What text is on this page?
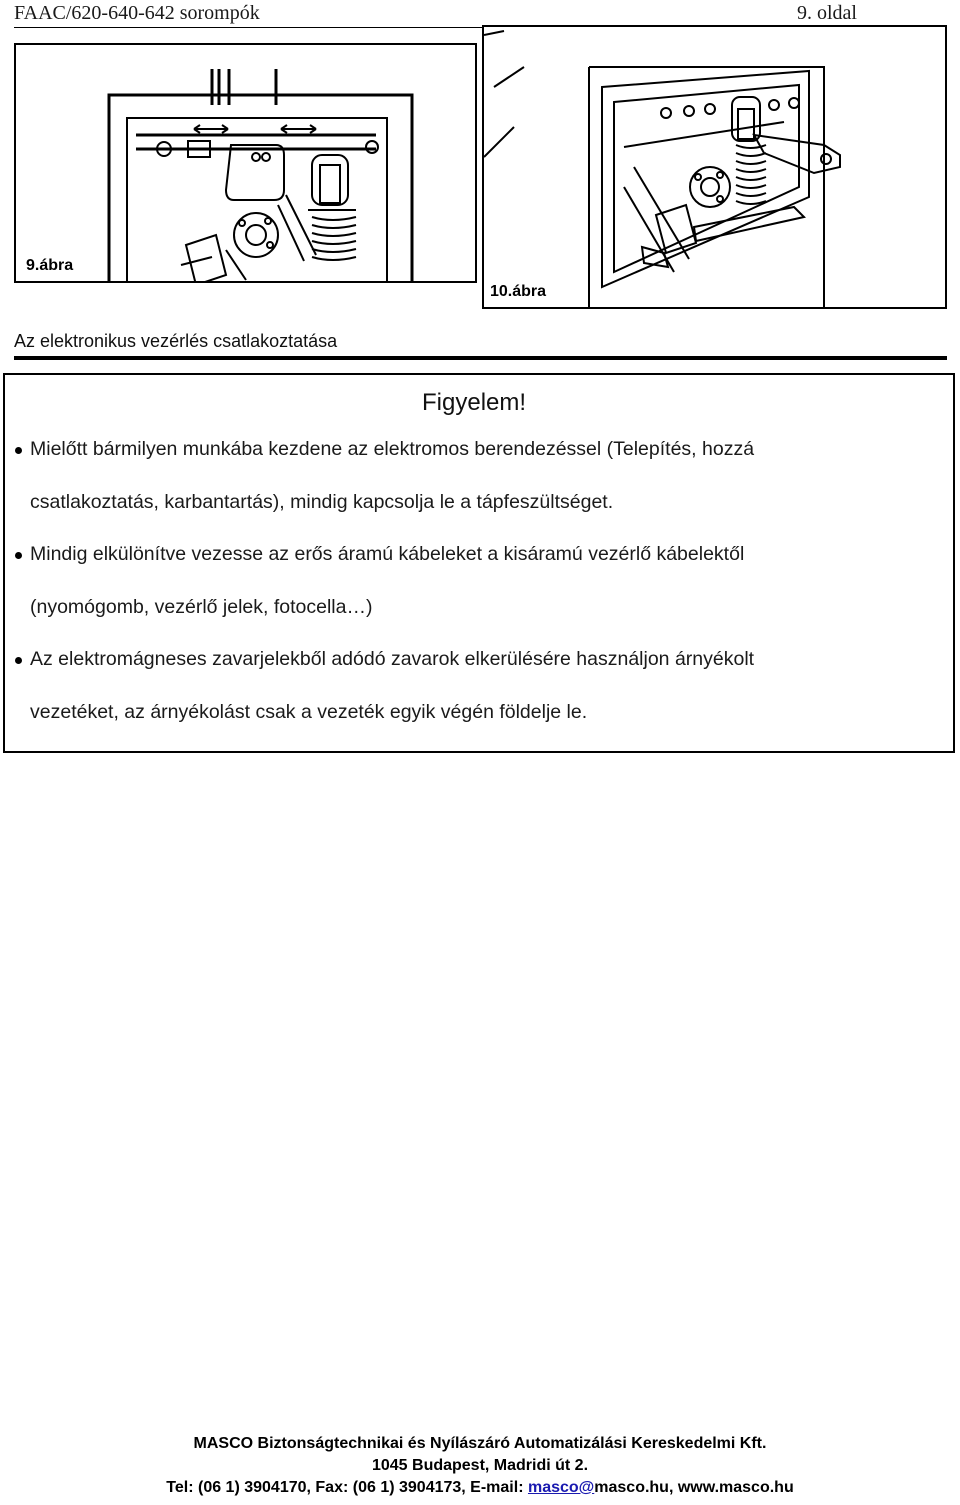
FAAC/620-640-642 sorompók	9. oldal
9.ábra
10.ábra
Az elektronikus vezérlés csatlakoztatása
Figyelem!
Mielőtt bármilyen munkába kezdene az elektromos berendezéssel (Telepítés, hozzá
csatlakoztatás, karbantartás), mindig kapcsolja le a tápfeszültséget.
Mindig elkülönítve vezesse az erős áramú kábeleket a kisáramú vezérlő kábelektől
(nyomógomb, vezérlő jelek, fotocella…)
Az elektromágneses zavarjelekből adódó zavarok elkerülésére használjon árnyékolt
vezetéket, az árnyékolást csak a vezeték egyik végén földelje le.
MASCO Biztonságtechnikai és Nyílászáró Automatizálási Kereskedelmi Kft.
1045 Budapest, Madridi út 2.
Tel: (06 1) 3904170, Fax: (06 1) 3904173, E-mail: masco@masco.hu, www.masco.hu
